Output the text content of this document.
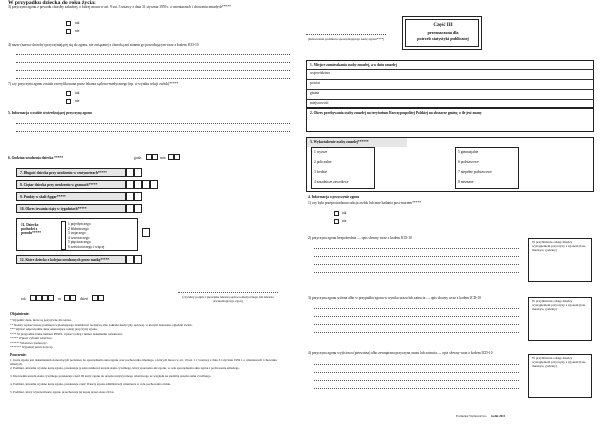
3) przyczyna zgonu z powodu choroby zakaźnej, o której mowa w art. 9 ust. 3 ustawy z dnia 31 stycznia 1959 r. o cmentarzach i chowaniu zmarłych*****
tak
nie
4) nazw (nazwa choroby) przyczyniającej się do zgonu, nie związanej z chorobą ani stanem go powodującym wraz z kodem ICD-10
7) czy przyczyna zgonu została zweryfikowana przez lekarza sądowo-medycznego (np. w wyniku sekcji zwłok)*****
tak
nie
5. Informacja o osobie stwierdzającej przyczynę zgonu
W przypadku dziecka do roku życia:
6. Godzina urodzenia dziecka *****	godz.	min
7. Długość dziecka przy urodzeniu w centymetrach*****
8. Ciężar dziecka przy urodzeniu w gramach*****
9. Punkty w skali Apgar*****
10. Okres trwania ciąży w tygodniach*****
11. Dziecko pochodzi z porodu*****
1 pojedynczego
2 bliźniaczego
3 trojaczego
4 czworaczego
5 pięcioraczego
6 sześcioraczego i więcej
12. Które dziecko z kolejno urodzonych przez matkę*****
rok	m	dzień	(czytelny podpis i pieczątka lekarza sądowo-medycznego lub lekarza stwierdzającego zgon)
Objaśnienie:
* Wypełnić dane, które są pozytywne dla wpisu.
** Należy wpisać nazwę podmiotu wykonującego działalność leczniczą albo zakładu medycyny sądowej, w którym dokonano oględzin zwłok.
*** Wpisać odpowiednie dane oznaczające rodzaj przyczyny zgonu.
**** W przypadku braku numeru PESEL wpisać rodzaj i numer dokumentu tożsamości.
***** Wpisać cyframi właściwe.
****** Właściwe zaznaczyć.
******* Wypełnić jeżeli dotyczy.
Pouczenie:
1. Kartę zgonu jest dokumentem stanowiącym podstawę do sporządzenia aktu zgonu oraz pochowania zmarłego, o których mowa w art. 10 ust. 1 i 3 ustawy z dnia 31 stycznia 1959 r. o cmentarzach i chowaniu zmarłych.
2. Podmiot, któremu wydano kartę zgonu, przekazuje ją kierownikowi urzędu stanu cywilnego, który sporządza akt zgonu, w celu sporządzenia aktu zgonu i pochowania zmarłego.
3. Kierownik urzędu stanu cywilnego przekazuje część III karty zgonu do urzędu statystycznego właściwego ze względu na siedzibę urzędu stanu cywilnego.
4. Podmiot, któremu wydano kartę zgonu, przekazuje część II karty zgonu administracji cmentarza w celu pochowania zwłok.
5. Podmiot, który wystawił kartę zgonu, przechowuje jej kopię przez okres 20 lat.
(Oznaczenie podmiotu sporządzającego kartę zgonu****)
Część III
przeznaczona dla
potrzeb statystyki publicznej
1. Miejsce zamieszkania osoby zmarłej, a w dniu zmarłej
województwo
powiat
gmina
miejscowość
2. Okres przebywania osoby zmarłej na terytorium Rzeczypospolitej Polskiej na obszarze gminy, o ile jest znany
3. Wykształcenie osoby zmarłej******
1 wyższe
2 policealne
3 średnie
4 zasadnicze zawodowe
5 gimnazjalne
6 podstawowe
7 niepełne podstawowe
8 nieznane
4. Informacja o przyczynie zgonu
1) czy była przeprowadzona sekcja zwłok lub inne badania post-mortem*****
tak
nie
2) przyczyna zgonu bezpośrednia — opis słowny wraz z kodem ICD-10
W przybliżeniu odstęp między wystąpieniem przyczyny a zgonem (lata, miesiące, godziny)
3) przyczyna zgonu wtórna albo w przypadku zgonu w wyniku urazu lub zatrucia — opis słowny wraz z kodem ICD-10
W przybliżeniu odstęp między wystąpieniem przyczyny a zgonem (lata, miesiące, godziny)
4) przyczyna zgonu wyjściowa (pierwotna) albo zewnętrzna przyczyna urazu lub zatrucia — opis słowny wraz z kodem ICD-10
W przybliżeniu odstęp między wystąpieniem przyczyny a zgonem (lata, miesiące, godziny)
Formularz Wydawnictwo Gofin 2015
